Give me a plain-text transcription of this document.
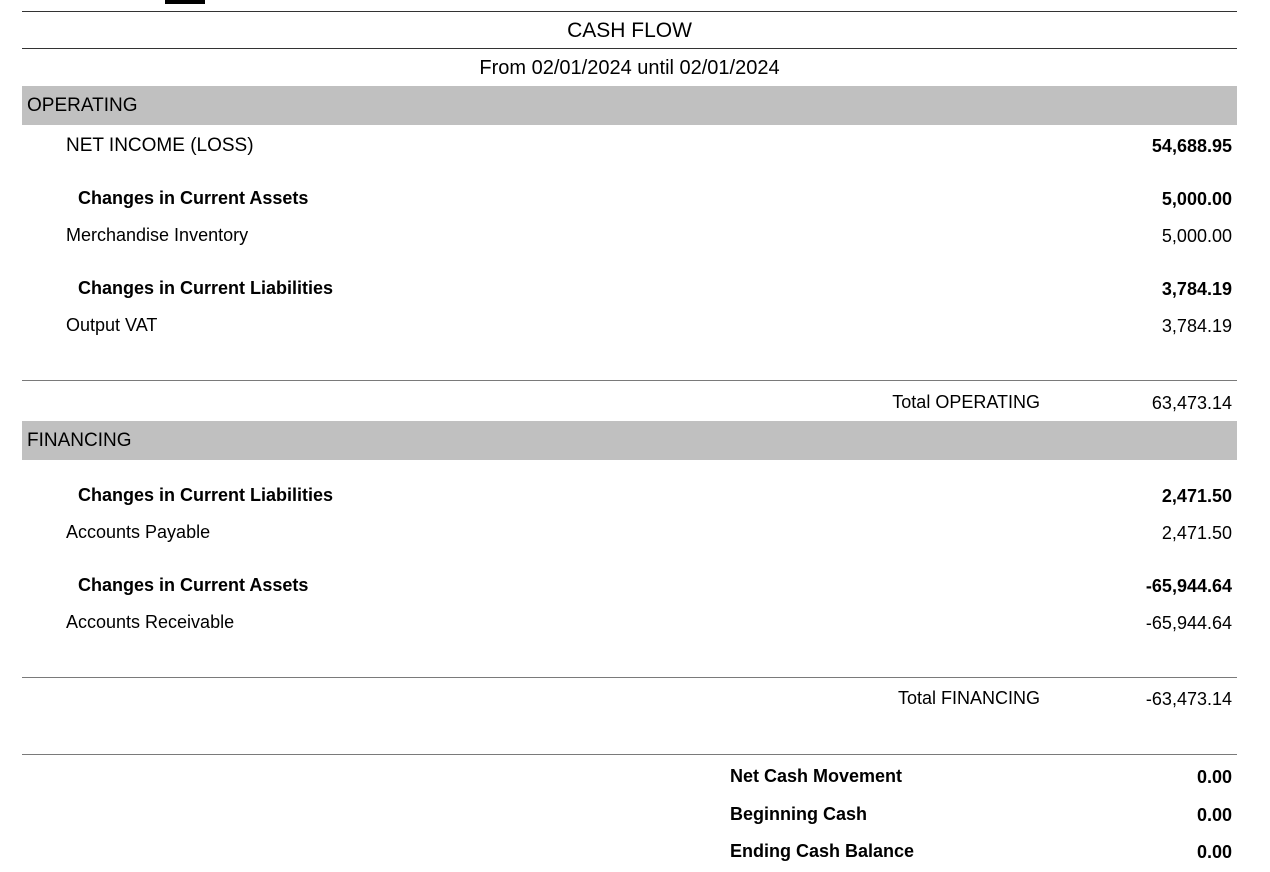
CASH FLOW
From 02/01/2024 until 02/01/2024
OPERATING
NET INCOME (LOSS)	54,688.95
Changes in Current Assets	5,000.00
Merchandise Inventory	5,000.00
Changes in Current Liabilities	3,784.19
Output VAT	3,784.19
Total OPERATING	63,473.14
FINANCING
Changes in Current Liabilities	2,471.50
Accounts Payable	2,471.50
Changes in Current Assets	-65,944.64
Accounts Receivable	-65,944.64
Total FINANCING	-63,473.14
Net Cash Movement	0.00
Beginning Cash	0.00
Ending Cash Balance	0.00
